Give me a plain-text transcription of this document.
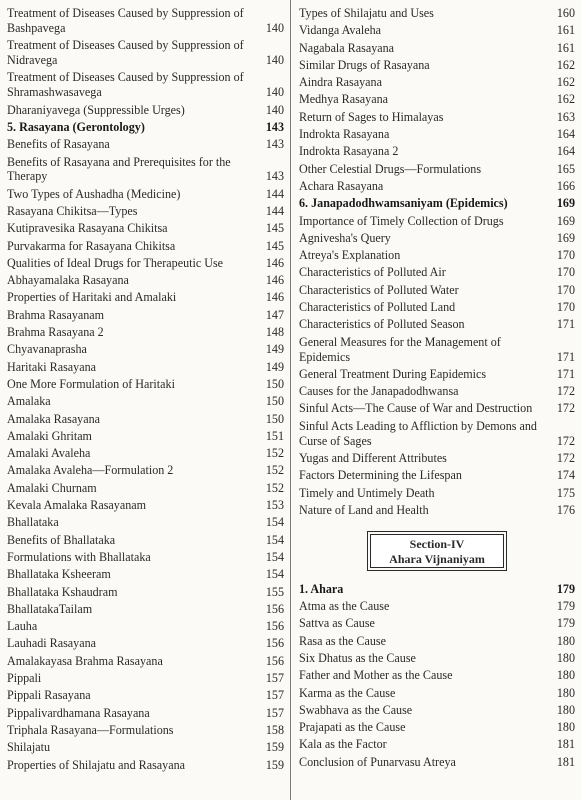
Treatment of Diseases Caused by Suppression of Bashpavega	140
Treatment of Diseases Caused by Suppression of Nidravega	140
Treatment of Diseases Caused by Suppression of Shramashwasavega	140
Dharaniyavega (Suppressible Urges)	140
5. Rasayana (Gerontology)	143
Benefits of Rasayana	143
Benefits of Rasayana and Prerequisites for the Therapy	143
Two Types of Aushadha (Medicine)	144
Rasayana Chikitsa—Types	144
Kutipravesika Rasayana Chikitsa	145
Purvakarma for Rasayana Chikitsa	145
Qualities of Ideal Drugs for Therapeutic Use	146
Abhayamalaka Rasayana	146
Properties of Haritaki and Amalaki	146
Brahma Rasayanam	147
Brahma Rasayana 2	148
Chyavanaprasha	149
Haritaki Rasayana	149
One More Formulation of Haritaki	150
Amalaka	150
Amalaka Rasayana	150
Amalaki Ghritam	151
Amalaki Avaleha	152
Amalaka Avaleha—Formulation 2	152
Amalaki Churnam	152
Kevala Amalaka Rasayanam	153
Bhallataka	154
Benefits of Bhallataka	154
Formulations with Bhallataka	154
Bhallataka Ksheeram	154
Bhallataka Kshaudram	155
BhallatakaTailam	156
Lauha	156
Lauhadi Rasayana	156
Amalakayasa Brahma Rasayana	156
Pippali	157
Pippali Rasayana	157
Pippalivardhamana Rasayana	157
Triphala Rasayana—Formulations	158
Shilajatu	159
Properties of Shilajatu and Rasayana	159
Types of Shilajatu and Uses	160
Vidanga Avaleha	161
Nagabala Rasayana	161
Similar Drugs of Rasayana	162
Aindra Rasayana	162
Medhya Rasayana	162
Return of Sages to Himalayas	163
Indrokta Rasayana	164
Indrokta Rasayana 2	164
Other Celestial Drugs—Formulations	165
Achara Rasayana	166
6. Janapadodhwamsaniyam (Epidemics)	169
Importance of Timely Collection of Drugs	169
Agnivesha's Query	169
Atreya's Explanation	170
Characteristics of Polluted Air	170
Characteristics of Polluted Water	170
Characteristics of Polluted Land	170
Characteristics of Polluted Season	171
General Measures for the Management of Epidemics	171
General Treatment During Eapidemics	171
Causes for the Janapadodhwansa	172
Sinful Acts—The Cause of War and Destruction	172
Sinful Acts Leading to Affliction by Demons and Curse of Sages	172
Yugas and Different Attributes	172
Factors Determining the Lifespan	174
Timely and Untimely Death	175
Nature of Land and Health	176
Section-IV
Ahara Vijnaniyam
1. Ahara	179
Atma as the Cause	179
Sattva as Cause	179
Rasa as the Cause	180
Six Dhatus as the Cause	180
Father and Mother as the Cause	180
Karma as the Cause	180
Swabhava as the Cause	180
Prajapati as the Cause	180
Kala as the Factor	181
Conclusion of Punarvasu Atreya	181
